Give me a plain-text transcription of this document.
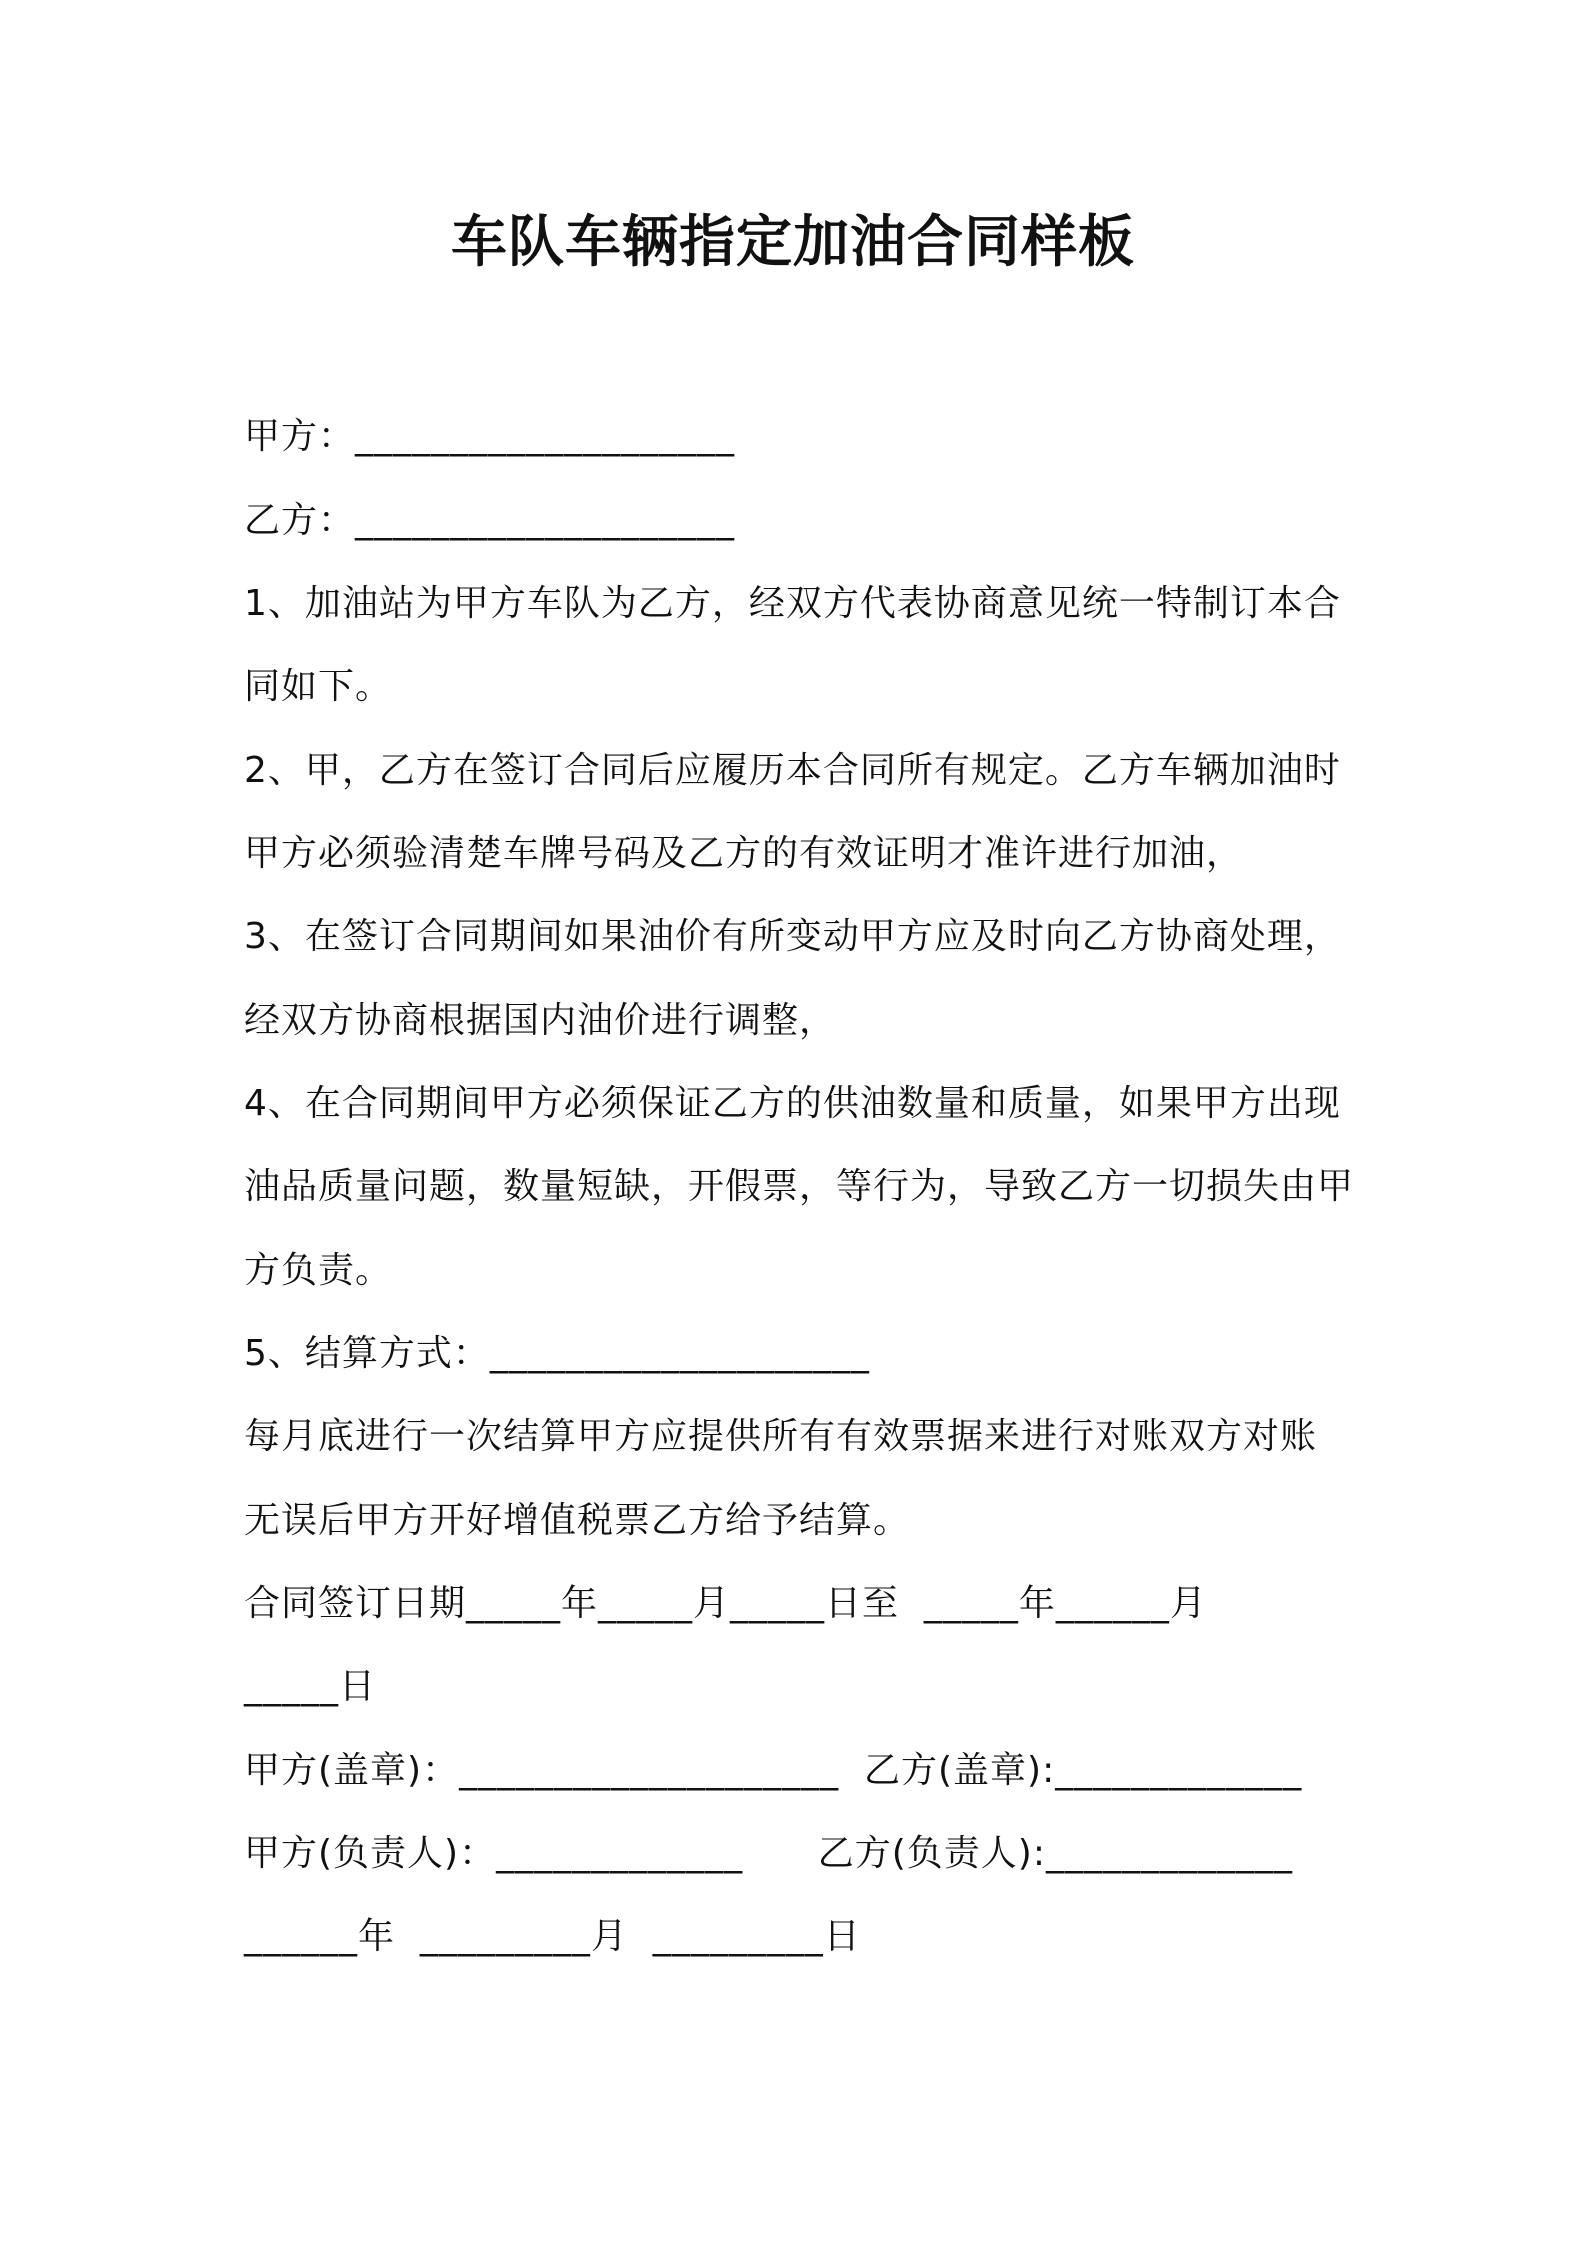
车队车辆指定加油合同样板
甲方：____________________
乙方：____________________
1、加油站为甲方车队为乙方，经双方代表协商意见统一特制订本合
同如下。
2、甲，乙方在签订合同后应履历本合同所有规定。乙方车辆加油时
甲方必须验清楚车牌号码及乙方的有效证明才准许进行加油，
3、在签订合同期间如果油价有所变动甲方应及时向乙方协商处理，
经双方协商根据国内油价进行调整，
4、在合同期间甲方必须保证乙方的供油数量和质量，如果甲方出现
油品质量问题，数量短缺，开假票，等行为，导致乙方一切损失由甲
方负责。
5、结算方式：____________________
每月底进行一次结算甲方应提供所有有效票据来进行对账双方对账
无误后甲方开好增值税票乙方给予结算。
合同签订日期_____年_____月_____日至  _____年______月
_____日
甲方(盖章)：____________________  乙方(盖章):_____________
甲方(负责人)：_____________      乙方(负责人):_____________
______年  _________月  _________日
